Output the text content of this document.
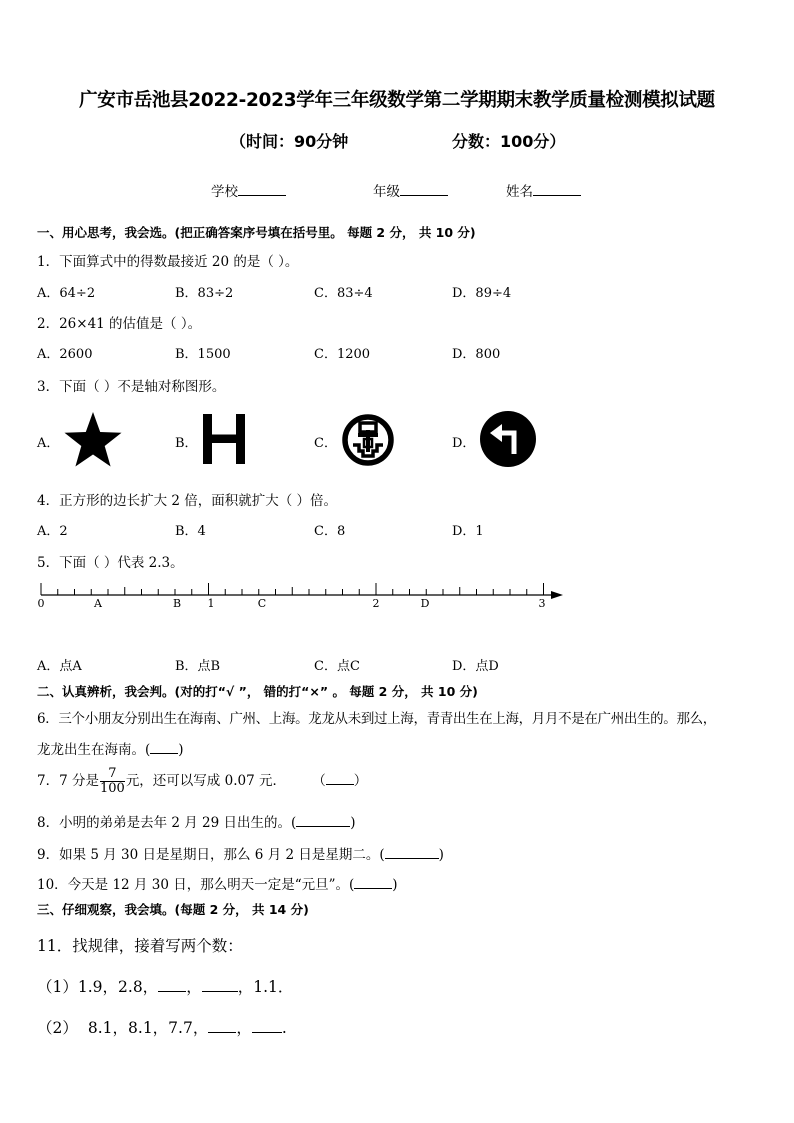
广安市岳池县2022-2023学年三年级数学第二学期期末教学质量检测模拟试题
（时间：90分钟	分数：100分）
学校	年级	姓名
一、用心思考，我会选。(把正确答案序号填在括号里。 每题 2 分， 共 10 分)
1．下面算式中的得数最接近 20 的是（ ）。
A．64÷2	B．83÷2	C．83÷4	D．89÷4
2．26×41 的估值是（ ）。
A．2600	B．1500	C．1200	D．800
3．下面（ ）不是轴对称图形。
A．	B．	C．	D．
4．正方形的边长扩大 2 倍，面积就扩大（ ）倍。
A．2	B．4	C．8	D．1
5．下面（ ）代表 2.3。
0	A	B 1	C	2	D	3
A．点A	B．点B	C．点C	D．点D
二、认真辨析，我会判。(对的打“√ ”， 错的打“×” 。 每题 2 分， 共 10 分)
6．三个小朋友分别出生在海南、广州、上海。龙龙从未到过上海，青青出生在上海，月月不是在广州出生的。那么，
龙龙出生在海南。( )
7．7 分是 $\frac{7}{100}$ 元，还可以写成 0.07 元． （ ）
8．小明的弟弟是去年 2 月 29 日出生的。(	)
9．如果 5 月 30 日是星期日，那么 6 月 2 日是星期二。(	)
10．今天是 12 月 30 日，那么明天一定是“元旦”。(	)
三、仔细观察，我会填。(每题 2 分， 共 14 分)
11．找规律，接着写两个数：
（1）1.9，2.8， ， ，1.1．
（2） 8.1，8.1，7.7， ， .
